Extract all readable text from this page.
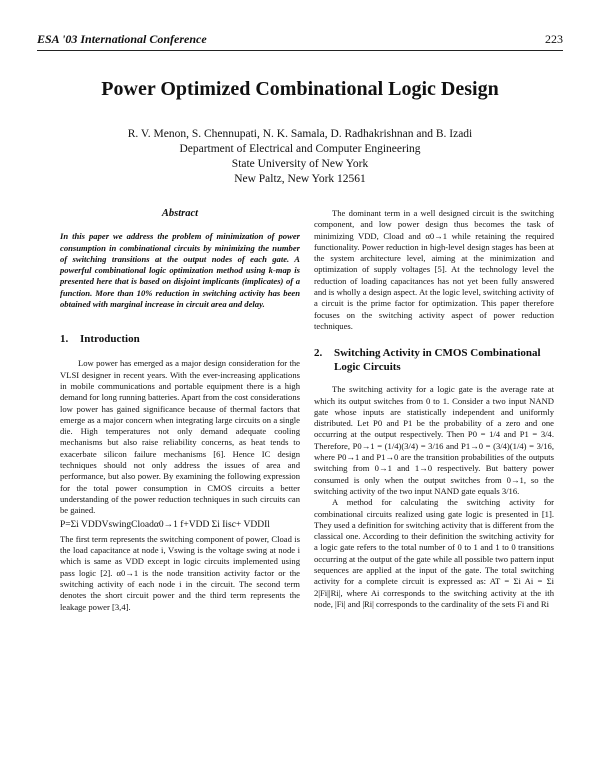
ESA '03 International Conference	223
Power Optimized Combinational Logic Design
R. V. Menon, S. Chennupati, N. K. Samala, D. Radhakrishnan and B. Izadi
Department of Electrical and Computer Engineering
State University of New York
New Paltz, New York 12561

Abstract

In this paper we address the problem of minimization of power consumption in combinational circuits by minimizing the number of switching transitions at the output nodes of each gate. A powerful combinational logic optimization method using k-map is presented here that is based on disjoint implicants (implicates) of a function. More than 10% reduction in switching activity has been obtained with marginal increase in circuit area and delay.

1.	Introduction

Low power has emerged as a major design consideration for the VLSI designer in recent years. With the ever-increasing applications in mobile communications and portable equipment there is a high demand for long running batteries. Apart from the cost considerations low power has gained significance because of thermal factors that emerge as a major concern when integrating large circuits on a single die. High temperatures not only demand adequate cooling mechanisms but also raise reliability concerns, as heat tends to exacerbate silicon failure mechanisms [6]. Hence IC design techniques should not only address the issues of area and performance, but also power. By examining the following expression for the total power consumption in CMOS circuits a better understanding of the power reduction techniques in such circuits can be gained.

P=Σi VDDVswingCloadα0→1 f+VDD Σi Iisc+ VDDIl

The first term represents the switching component of power, Cload is the load capacitance at node i, Vswing is the voltage swing at node i which is same as VDD except in logic circuits implemented using pass logic [2]. α0→1 is the node transition activity factor or the switching activity of each node i in the circuit. The second term denotes the short circuit power and the third term represents the leakage power [3,4].

The dominant term in a well designed circuit is the switching component, and low power design thus becomes the task of minimizing VDD, Cload and α0→1 while retaining the required functionality. Power reduction in high-level design stages has been at the system architecture level, aiming at the minimization and optimization of supply voltages [5]. At the technology level the reduction of loading capacitances has not yet been fully answered and is wholly a design aspect. At the logic level, switching activity of a circuit is the prime factor for optimization. This paper therefore focuses on the switching activity aspect of power reduction techniques.

2.	Switching Activity in CMOS Combinational Logic Circuits

The switching activity for a logic gate is the average rate at which its output switches from 0 to 1. Consider a two input NAND gate whose inputs are statistically independent and uniformly distributed. Let P0 and P1 be the probability of a zero and one occurring at the output respectively. Then P0 = 1/4 and P1 = 3/4. Therefore, P0→1 = (1/4)(3/4) = 3/16 and P1→0 = (3/4)(1/4) = 3/16, where P0→1 and P1→0 are the transition probabilities of the outputs switching from 0→1 and 1→0 respectively. But battery power consumed is only when the output switches from 0→1, so the switching activity of the two input NAND gate equals 3/16.

A method for calculating the switching activity for combinational circuits realized using gate logic is presented in [1]. They used a definition for switching activity that is different from the classical one. According to their definition the switching activity for a logic gate refers to the total number of 0 to 1 and 1 to 0 transitions occurring at the output of the gate while all possible two pattern input sequences are applied at the input of the gate. The total switching activity for a complete circuit is expressed as: AT = Σi Ai = Σi 2|Fi||Ri|, where Ai corresponds to the switching activity at the ith node, |Fi| and |Ri| corresponds to the cardinality of the sets Fi and Ri
